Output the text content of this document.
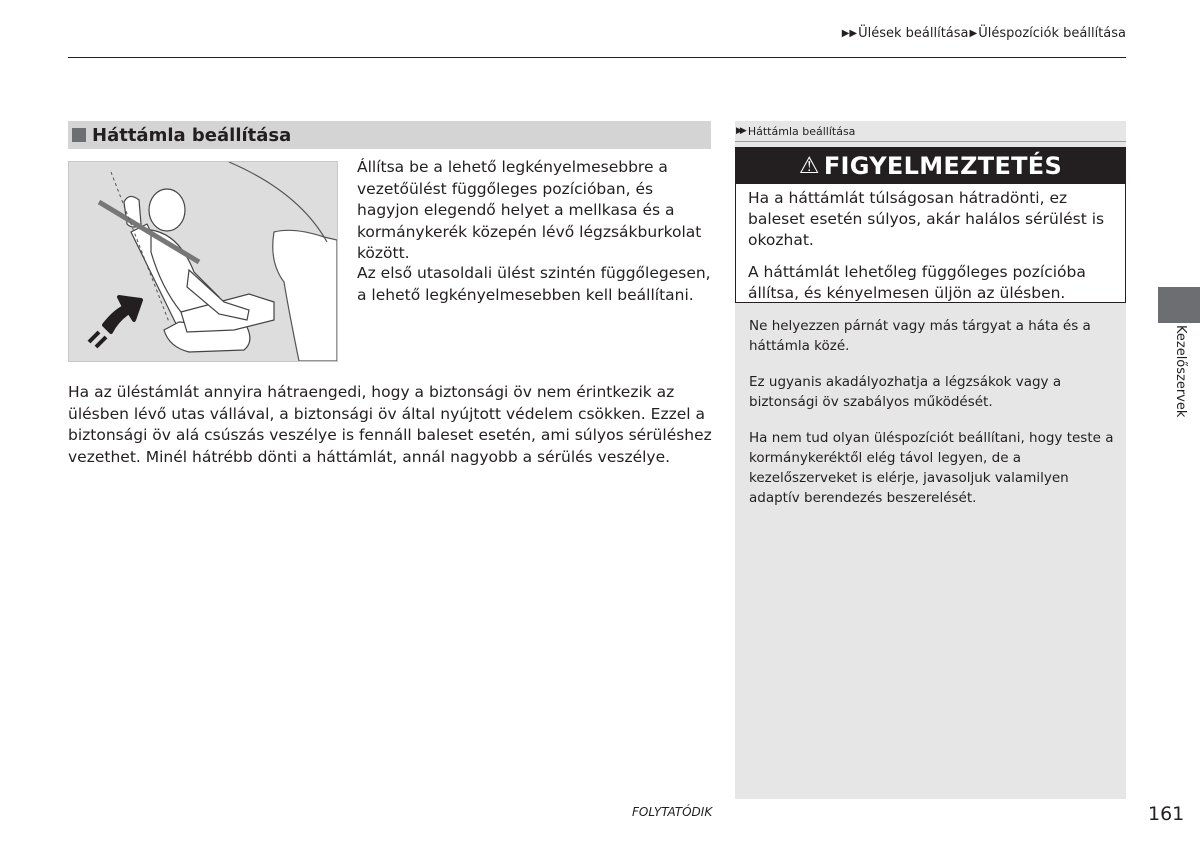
▶▶ Ülések beállítása ▶ Üléspozíciók beállítása
Háttámla beállítása

Állítsa be a lehető legkényelmesebbre a vezetőülést függőleges pozícióban, és hagyjon elegendő helyet a mellkasa és a kormánykerék közepén lévő légzsákburkolat között.

Az első utasoldali ülést szintén függőlegesen, a lehető legkényelmesebben kell beállítani.

Ha az üléstámlát annyira hátraengedi, hogy a biztonsági öv nem érintkezik az ülésben lévő utas vállával, a biztonsági öv által nyújtott védelem csökken. Ezzel a biztonsági öv alá csúszás veszélye is fennáll baleset esetén, ami súlyos sérüléshez vezethet. Minél hátrébb dönti a háttámlát, annál nagyobb a sérülés veszélye.

▶▶ Háttámla beállítása
⚠ FIGYELMEZTETÉS
Ha a háttámlát túlságosan hátradönti, ez baleset esetén súlyos, akár halálos sérülést is okozhat.
A háttámlát lehetőleg függőleges pozícióba állítsa, és kényelmesen üljön az ülésben.
Ne helyezzen párnát vagy más tárgyat a háta és a háttámla közé.
Ez ugyanis akadályozhatja a légzsákok vagy a biztonsági öv szabályos működését.
Ha nem tud olyan üléspozíciót beállítani, hogy teste a kormánykeréktől elég távol legyen, de a kezelőszerveket is elérje, javasoljuk valamilyen adaptív berendezés beszerelését.
Kezelőszervek
FOLYTATÓDIK	161
